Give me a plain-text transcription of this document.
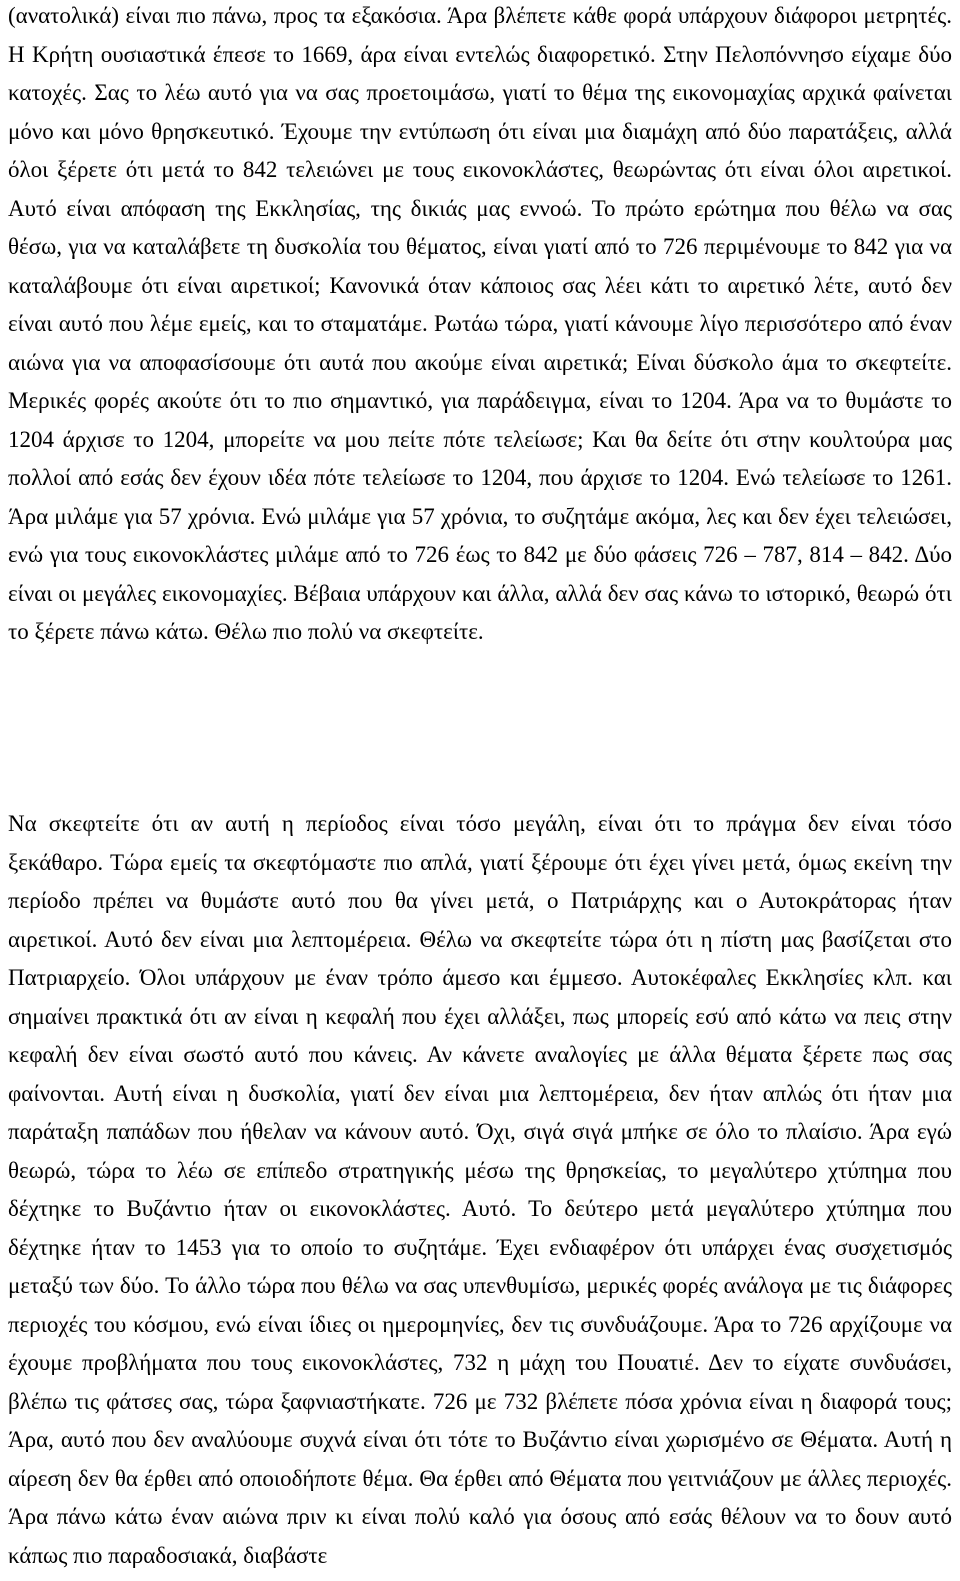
(ανατολικά) είναι πιο πάνω, προς τα εξακόσια. Άρα βλέπετε κάθε φορά υπάρχουν διάφοροι μετρητές. Η Κρήτη ουσιαστικά έπεσε το 1669, άρα είναι εντελώς διαφορετικό. Στην Πελοπόννησο είχαμε δύο κατοχές. Σας το λέω αυτό για να σας προετοιμάσω, γιατί το θέμα της εικονομαχίας αρχικά φαίνεται μόνο και μόνο θρησκευτικό. Έχουμε την εντύπωση ότι είναι μια διαμάχη από δύο παρατάξεις, αλλά όλοι ξέρετε ότι μετά το 842 τελειώνει με τους εικονοκλάστες, θεωρώντας ότι είναι όλοι αιρετικοί. Αυτό είναι απόφαση της Εκκλησίας, της δικιάς μας εννοώ. Το πρώτο ερώτημα που θέλω να σας θέσω, για να καταλάβετε τη δυσκολία του θέματος, είναι γιατί από το 726 περιμένουμε το 842 για να καταλάβουμε ότι είναι αιρετικοί; Κανονικά όταν κάποιος σας λέει κάτι το αιρετικό λέτε, αυτό δεν είναι αυτό που λέμε εμείς, και το σταματάμε. Ρωτάω τώρα, γιατί κάνουμε λίγο περισσότερο από έναν αιώνα για να αποφασίσουμε ότι αυτά που ακούμε είναι αιρετικά; Είναι δύσκολο άμα το σκεφτείτε. Μερικές φορές ακούτε ότι το πιο σημαντικό, για παράδειγμα, είναι το 1204. Άρα να το θυμάστε το 1204 άρχισε το 1204, μπορείτε να μου πείτε πότε τελείωσε; Και θα δείτε ότι στην κουλτούρα μας πολλοί από εσάς δεν έχουν ιδέα πότε τελείωσε το 1204, που άρχισε το 1204. Ενώ τελείωσε το 1261. Άρα μιλάμε για 57 χρόνια. Ενώ μιλάμε για 57 χρόνια, το συζητάμε ακόμα, λες και δεν έχει τελειώσει, ενώ για τους εικονοκλάστες μιλάμε από το 726 έως το 842 με δύο φάσεις 726 – 787, 814 – 842. Δύο είναι οι μεγάλες εικονομαχίες. Βέβαια υπάρχουν και άλλα, αλλά δεν σας κάνω το ιστορικό, θεωρώ ότι το ξέρετε πάνω κάτω. Θέλω πιο πολύ να σκεφτείτε.

Να σκεφτείτε ότι αν αυτή η περίοδος είναι τόσο μεγάλη, είναι ότι το πράγμα δεν είναι τόσο ξεκάθαρο. Τώρα εμείς τα σκεφτόμαστε πιο απλά, γιατί ξέρουμε ότι έχει γίνει μετά, όμως εκείνη την περίοδο πρέπει να θυμάστε αυτό που θα γίνει μετά, ο Πατριάρχης και ο Αυτοκράτορας ήταν αιρετικοί. Αυτό δεν είναι μια λεπτομέρεια. Θέλω να σκεφτείτε τώρα ότι η πίστη μας βασίζεται στο Πατριαρχείο. Όλοι υπάρχουν με έναν τρόπο άμεσο και έμμεσο. Αυτοκέφαλες Εκκλησίες κλπ. και σημαίνει πρακτικά ότι αν είναι η κεφαλή που έχει αλλάξει, πως μπορείς εσύ από κάτω να πεις στην κεφαλή δεν είναι σωστό αυτό που κάνεις. Αν κάνετε αναλογίες με άλλα θέματα ξέρετε πως σας φαίνονται. Αυτή είναι η δυσκολία, γιατί δεν είναι μια λεπτομέρεια, δεν ήταν απλώς ότι ήταν μια παράταξη παπάδων που ήθελαν να κάνουν αυτό. Όχι, σιγά σιγά μπήκε σε όλο το πλαίσιο. Άρα εγώ θεωρώ, τώρα το λέω σε επίπεδο στρατηγικής μέσω της θρησκείας, το μεγαλύτερο χτύπημα που δέχτηκε το Βυζάντιο ήταν οι εικονοκλάστες. Αυτό. Το δεύτερο μετά μεγαλύτερο χτύπημα που δέχτηκε ήταν το 1453 για το οποίο το συζητάμε. Έχει ενδιαφέρον ότι υπάρχει ένας συσχετισμός μεταξύ των δύο. Το άλλο τώρα που θέλω να σας υπενθυμίσω, μερικές φορές ανάλογα με τις διάφορες περιοχές του κόσμου, ενώ είναι ίδιες οι ημερομηνίες, δεν τις συνδυάζουμε. Άρα το 726 αρχίζουμε να έχουμε προβλήματα που τους εικονοκλάστες, 732 η μάχη του Πουατιέ. Δεν το είχατε συνδυάσει, βλέπω τις φάτσες σας, τώρα ξαφνιαστήκατε. 726 με 732 βλέπετε πόσα χρόνια είναι η διαφορά τους; Άρα, αυτό που δεν αναλύουμε συχνά είναι ότι τότε το Βυζάντιο είναι χωρισμένο σε Θέματα. Αυτή η αίρεση δεν θα έρθει από οποιοδήποτε θέμα. Θα έρθει από Θέματα που γειτνιάζουν με άλλες περιοχές. Άρα πάνω κάτω έναν αιώνα πριν κι είναι πολύ καλό για όσους από εσάς θέλουν να το δουν αυτό κάπως πιο παραδοσιακά, διαβάστε
